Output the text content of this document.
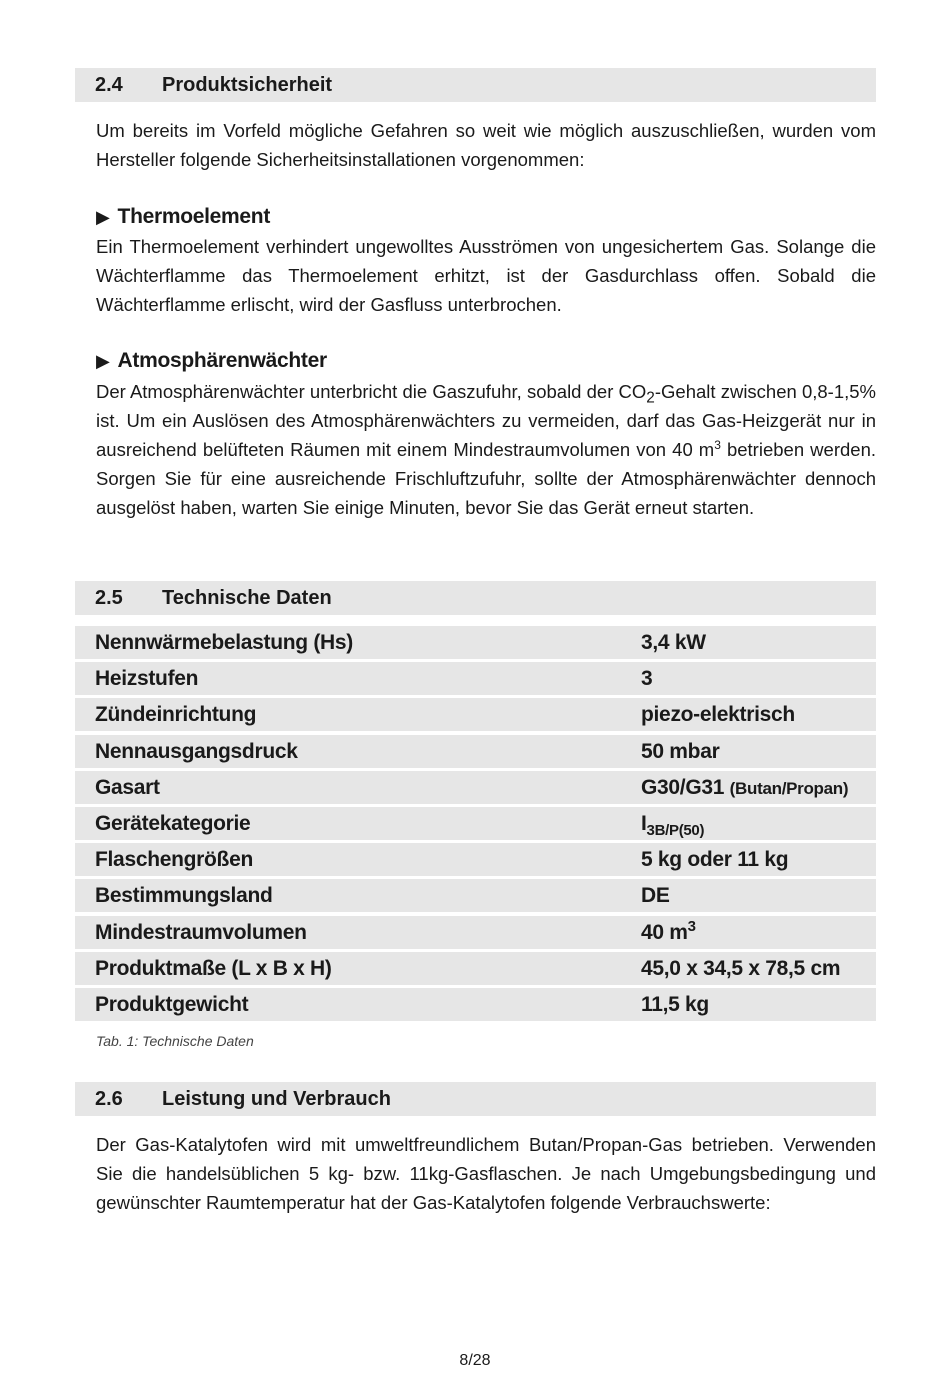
2.4 Produktsicherheit

Um bereits im Vorfeld mögliche Gefahren so weit wie möglich auszuschließen, wurden vom Hersteller folgende Sicherheitsinstallationen vorgenommen:

▶ Thermoelement

Ein Thermoelement verhindert ungewolltes Ausströmen von ungesichertem Gas. Solange die Wächterflamme das Thermoelement erhitzt, ist der Gasdurchlass offen. Sobald die Wächterflamme erlischt, wird der Gasfluss unterbrochen.

▶ Atmosphärenwächter

Der Atmosphärenwächter unterbricht die Gaszufuhr, sobald der $CO_2$-Gehalt zwischen 0,8-1,5% ist. Um ein Auslösen des Atmosphärenwächters zu vermeiden, darf das Gas-Heizgerät nur in ausreichend belüfteten Räumen mit einem Mindestraumvolumen von 40 $m^3$ betrieben werden. Sorgen Sie für eine ausreichende Frischluftzufuhr, sollte der Atmosphärenwächter dennoch ausgelöst haben, warten Sie einige Minuten, bevor Sie das Gerät erneut starten.

2.5 Technische Daten
Nennwärmebelastung (Hs)	3,4 kW
Heizstufen	3
Zündeinrichtung	piezo-elektrisch
Nennausgangsdruck	50 mbar
Gasart	G30/G31 (Butan/Propan)
Gerätekategorie	$I_{3B/P(50)}$
Flaschengrößen	5 kg oder 11 kg
Bestimmungsland	DE
Mindestraumvolumen	40 $m^3$
Produktmaße (L x B x H)	45,0 x 34,5 x 78,5 cm
Produktgewicht	11,5 kg
Tab. 1: Technische Daten
2.6 Leistung und Verbrauch

Der Gas-Katalytofen wird mit umweltfreundlichem Butan/Propan-Gas betrieben. Verwenden Sie die handelsüblichen 5 kg- bzw. 11kg-Gasflaschen. Je nach Umgebungsbedingung und gewünschter Raumtemperatur hat der Gas-Katalytofen folgende Verbrauchswerte:

8/28
